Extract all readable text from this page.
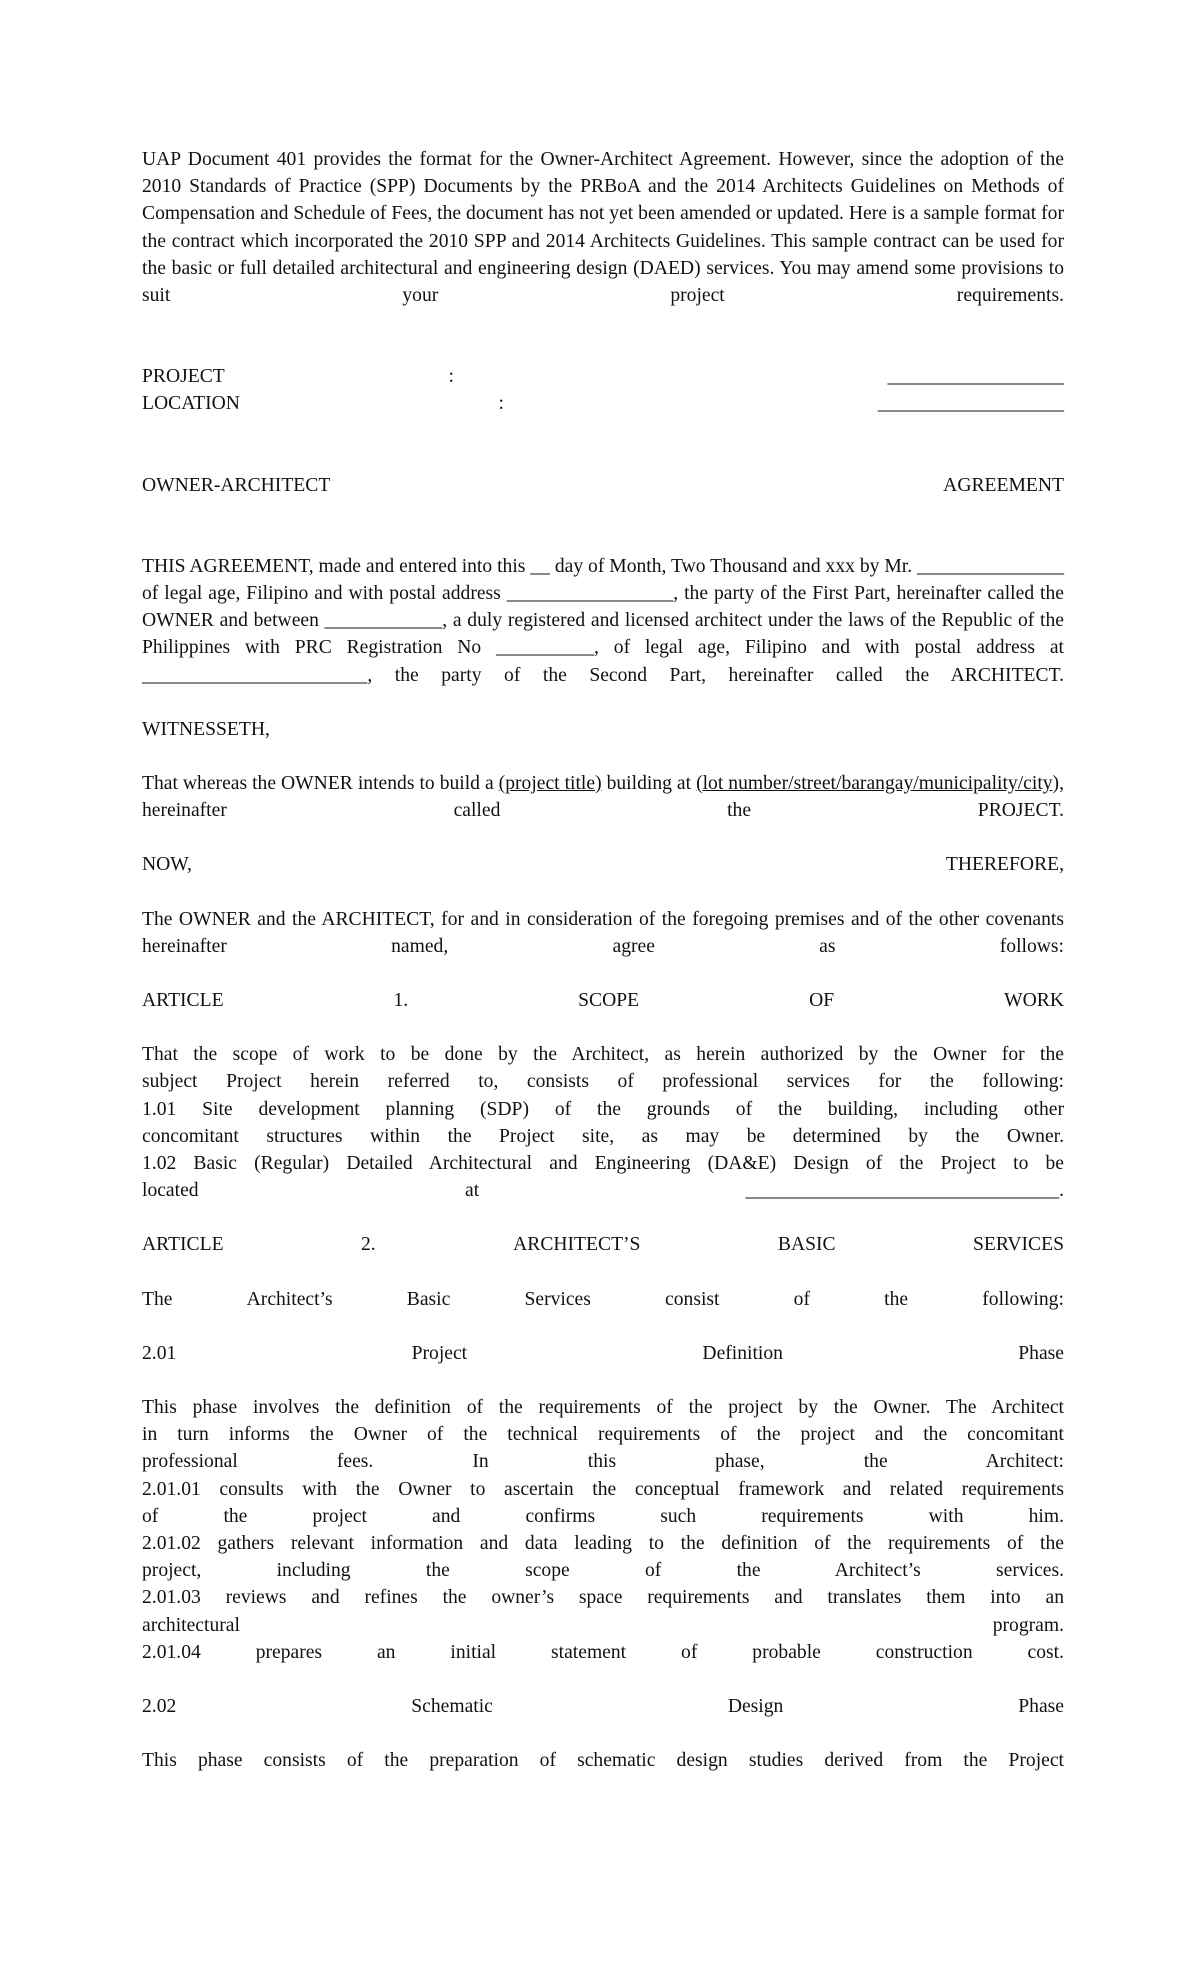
UAP Document 401 provides the format for the Owner-Architect Agreement. However, since the adoption of the 2010 Standards of Practice (SPP) Documents by the PRBoA and the 2014 Architects Guidelines on Methods of Compensation and Schedule of Fees, the document has not yet been amended or updated. Here is a sample format for the contract which incorporated the 2010 SPP and 2014 Architects Guidelines. This sample contract can be used for the basic or full detailed architectural and engineering design (DAED) services. You may amend some provisions to suit your project requirements.

PROJECT	:	__________________
LOCATION	:	___________________
OWNER-ARCHITECT	AGREEMENT

THIS AGREEMENT, made and entered into this __ day of Month, Two Thousand and xxx by Mr. _______________ of legal age, Filipino and with postal address _________________, the party of the First Part, hereinafter called the OWNER and between ____________, a duly registered and licensed architect under the laws of the Republic of the Philippines with PRC Registration No __________, of legal age, Filipino and with postal address at _______________________, the party of the Second Part, hereinafter called the ARCHITECT.

WITNESSETH,

That whereas the OWNER intends to build a (project title) building at (lot number/street/barangay/municipality/city), hereinafter called the PROJECT.

NOW,	THEREFORE,

The OWNER and the ARCHITECT, for and in consideration of the foregoing premises and of the other covenants hereinafter named, agree as follows:

ARTICLE	1.	SCOPE	OF	WORK
That the scope of work to be done by the Architect, as herein authorized by the Owner for the
subject Project herein referred to, consists of professional services for the following:
1.01 Site development planning (SDP) of the grounds of the building, including other
concomitant structures within the Project site, as may be determined by the Owner.
1.02 Basic (Regular) Detailed Architectural and Engineering (DA&E) Design of the Project to be
located	at	________________________________.
ARTICLE	2.	ARCHITECT’S	BASIC	SERVICES
The	Architect’s	Basic	Services	consist	of	the	following:
2.01	Project	Definition	Phase
This phase involves the definition of the requirements of the project by the Owner. The Architect
in turn informs the Owner of the technical requirements of the project and the concomitant
professional fees. In this phase, the Architect:
2.01.01 consults with the Owner to ascertain the conceptual framework and related requirements
of the project and confirms such requirements with him.
2.01.02 gathers relevant information and data leading to the definition of the requirements of the
project, including the scope of the Architect’s services.
2.01.03 reviews and refines the owner’s space requirements and translates them into an
architectural program.
2.01.04 prepares an initial statement of probable construction cost.
2.02	Schematic	Design	Phase
This phase consists of the preparation of schematic design studies derived from the Project
